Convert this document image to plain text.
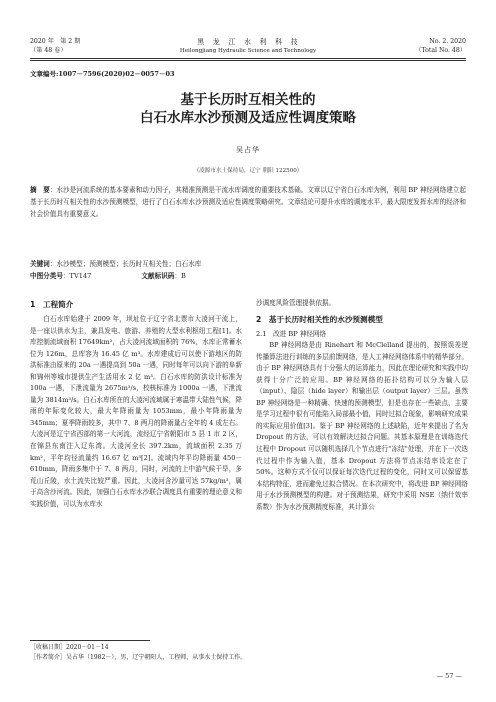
2020 年　第 2 期
（第 48 卷）
黑　龙　江　水　利　科　技
Heilongjiang Hydraulic Science and Technology
No. 2. 2020
（Total No. 48）
文章编号:1007－7596(2020)02－0057－03
基于长历时互相关性的
白石水库水沙预测及适应性调度策略
吴占华
（凌源市水土保持局，辽宁 朝阳 122500）
摘　要：水沙是河流系统的基本要素和动力因子，其精准预测是干流水库调度的重要技术基础。文章以辽宁省白石水库为例，利用 BP 神经网络建立起基于长历时互相关性的水沙预测模型，进行了白石水库水沙预测及适应性调度策略研究。文章结论可提升水库的调度水平，最大限度发挥水库的经济和社会价值具有重要意义。
关键词：水沙模型；预测模型；长历时互相关性；白石水库
中图分类号：TV147	文献标识码：B
1　工程简介

白石水库始建于 2009 年，坝址位于辽宁省北票市大凌河干流上，是一座以供水为主，兼具发电、旅游、养殖的大型水利枢纽工程[1]。水库控制流域面积 17649km²，占大凌河流域面积的 76%，水库正常蓄水位为 126m，总库容为 16.45 亿 m³。水库建成后可以使下游地区的防洪标准由原来的 20a 一遇提高到 50a 一遇，同时每年可以向下游的阜新和锦州等城市提供生产生活用水 2 亿 m³。白石水库的防洪设计标准为 100a 一遇，下泄流量为 2675m³/s，校核标准为 1000a 一遇，下泄流量为 3814m³/s。白石水库所在的大凌河流域属于寒温带大陆性气候，降雨的年际变化较大，最大年降雨量为 1053mm，最小年降雨量为 345mm；夏季降雨较多，其中 7、8 两月的降雨量占全年的 4 成左右。大凌河是辽宁省西部的第一大河流，流经辽宁省朝阳市 5 县 1 市 2 区，在锦县东南注入辽东湾。大凌河全长 397.2km，流域面积 2.35 万 km²，平年均径流量约 16.67 亿 m³[2]。流域内年平均降雨量 450－610mm，降雨多集中于 7、8 两月，同时，河流的上中游气候干旱，多荒山丘陵，水土流失比较严重。因此，大凌河含沙量可达 57kg/m³，属于高含沙河流。因此，加强白石水库水沙联合调度具有重要的理论意义和实践价值，可以为水库水

沙调度风险管理提供依据。

2　基于长历时相关性的水沙预测模型
2.1　改进 BP 神经网络

BP 神经网络是由 Rinehart 和 McClelland 提出的，按照误差逆传播算法进行训练的多层前馈网络，是人工神经网络体系中的精华部分。由于 BP 神经网络具有十分强大的运算能力，因此在理论研究和实践中均获得十分广泛的应用。BP 神经网络的拓扑结构可以分为输入层（input）、隐层（hide layer）和输出层（output layer）三层。虽然 BP 神经网络是一种精确、快速的预测模型，但是也存在一些缺点，主要是学习过程中很有可能陷入局部最小值，同时过拟合现象，影响研究成果的实际应用价值[3]。鉴于 BP 神经网络的上述缺陷，近年来提出了名为 Dropout 的方法，可以有效解决过拟合问题。其基本原理是在训练迭代过程中 Dropout 可以随机选择几个节点进行"冻结"处理，并在下一次迭代过程中作为输入值，基本 Dropout 方法将节点冻结率设定在了 50%。这种方式不仅可以保证每次迭代过程的变化，同时又可以保留基本结构特征，进而避免过拟合情况。在本次研究中，将改进 BP 神经网络用于水沙预测模型的构建。对于预测结果，研究中采用 NSE（纳什效率系数）作为水沙预测精度标准，其计算公

［收稿日期］2020－01－14
［作者简介］吴占华（1982－），男，辽宁朝阳人，工程师，从事水土保持工作。
— 57 —
